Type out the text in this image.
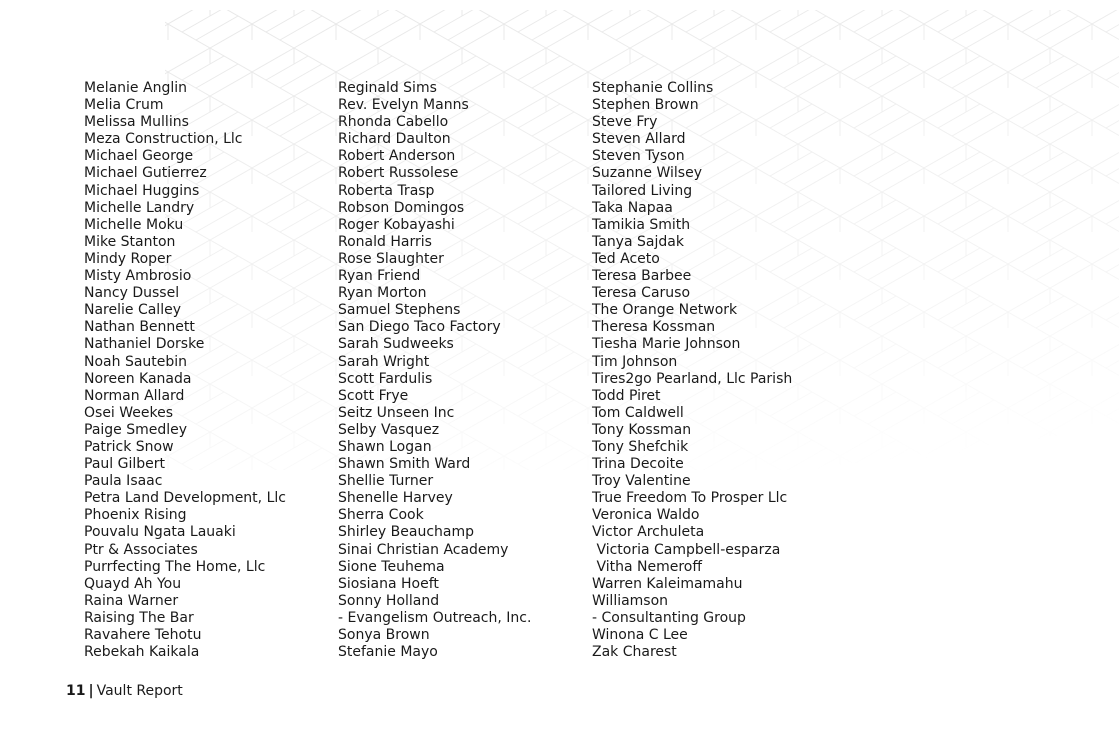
Melanie Anglin
Melia Crum
Melissa Mullins
Meza Construction, Llc
Michael George
Michael Gutierrez
Michael Huggins
Michelle Landry
Michelle Moku
Mike Stanton
Mindy Roper
Misty Ambrosio
Nancy Dussel
Narelie Calley
Nathan Bennett
Nathaniel Dorske
Noah Sautebin
Noreen Kanada
Norman Allard
Osei Weekes
Paige Smedley
Patrick Snow
Paul Gilbert
Paula Isaac
Petra Land Development, Llc
Phoenix Rising
Pouvalu Ngata Lauaki
Ptr & Associates
Purrfecting The Home, Llc
Quayd Ah You
Raina Warner
Raising The Bar
Ravahere Tehotu
Rebekah Kaikala
Reginald Sims
Rev. Evelyn Manns
Rhonda Cabello
Richard Daulton
Robert Anderson
Robert Russolese
Roberta Trasp
Robson Domingos
Roger Kobayashi
Ronald Harris
Rose Slaughter
Ryan Friend
Ryan Morton
Samuel Stephens
San Diego Taco Factory
Sarah Sudweeks
Sarah Wright
Scott Fardulis
Scott Frye
Seitz Unseen Inc
Selby Vasquez
Shawn Logan
Shawn Smith Ward
Shellie Turner
Shenelle Harvey
Sherra Cook
Shirley Beauchamp
Sinai Christian Academy
Sione Teuhema
Siosiana Hoeft
Sonny Holland
- Evangelism Outreach, Inc.
Sonya Brown
Stefanie Mayo
Stephanie Collins
Stephen Brown
Steve Fry
Steven Allard
Steven Tyson
Suzanne Wilsey
Tailored Living
Taka Napaa
Tamikia Smith
Tanya Sajdak
Ted Aceto
Teresa Barbee
Teresa Caruso
The Orange Network
Theresa Kossman
Tiesha Marie Johnson
Tim Johnson
Tires2go Pearland, Llc Parish
Todd Piret
Tom Caldwell
Tony Kossman
Tony Shefchik
Trina Decoite
Troy Valentine
True Freedom To Prosper Llc
Veronica Waldo
Victor Archuleta
Victoria Campbell-esparza
Vitha Nemeroff
Warren Kaleimamahu
Williamson
- Consultanting Group
Winona C Lee
Zak Charest
11 | Vault Report
